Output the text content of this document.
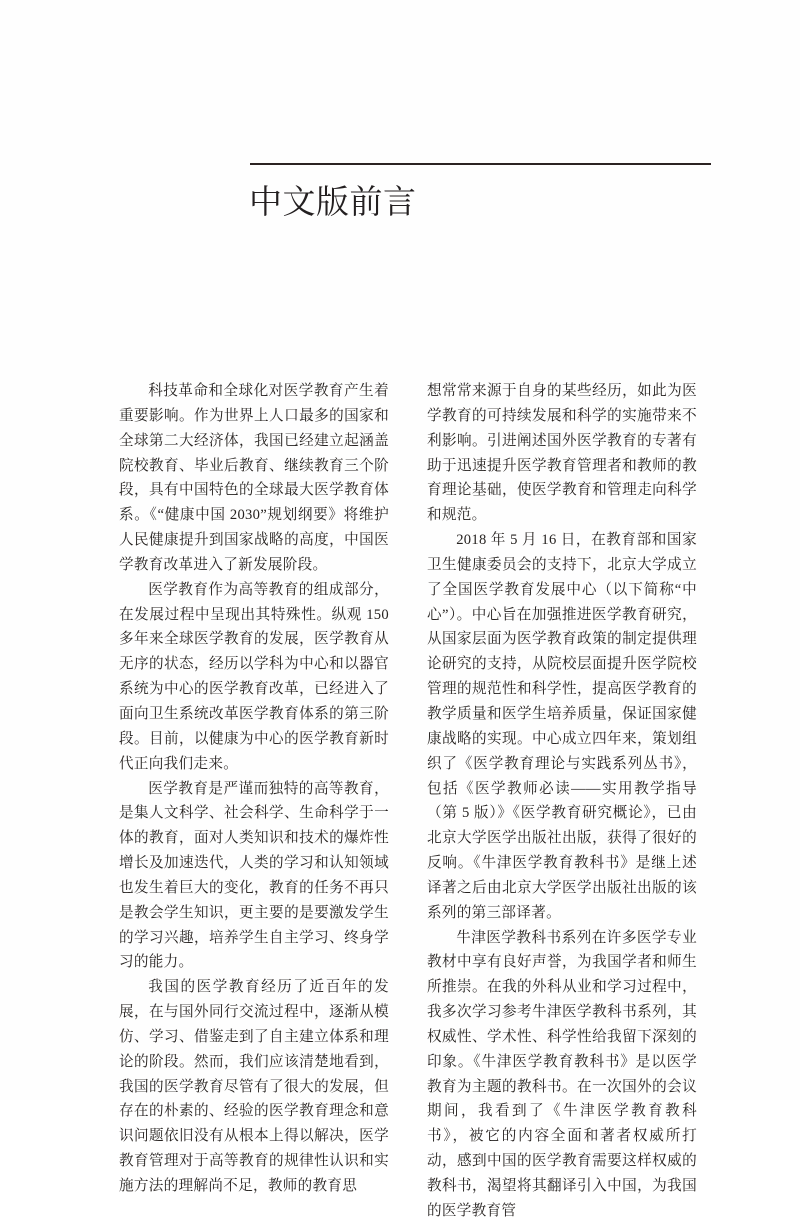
中文版前言

科技革命和全球化对医学教育产生着重要影响。作为世界上人口最多的国家和全球第二大经济体，我国已经建立起涵盖院校教育、毕业后教育、继续教育三个阶段，具有中国特色的全球最大医学教育体系。《“健康中国 2030”规划纲要》将维护人民健康提升到国家战略的高度，中国医学教育改革进入了新发展阶段。

医学教育作为高等教育的组成部分，在发展过程中呈现出其特殊性。纵观 150 多年来全球医学教育的发展，医学教育从无序的状态，经历以学科为中心和以器官系统为中心的医学教育改革，已经进入了面向卫生系统改革医学教育体系的第三阶段。目前，以健康为中心的医学教育新时代正向我们走来。

医学教育是严谨而独特的高等教育，是集人文科学、社会科学、生命科学于一体的教育，面对人类知识和技术的爆炸性增长及加速迭代，人类的学习和认知领域也发生着巨大的变化，教育的任务不再只是教会学生知识，更主要的是要激发学生的学习兴趣，培养学生自主学习、终身学习的能力。

我国的医学教育经历了近百年的发展，在与国外同行交流过程中，逐渐从模仿、学习、借鉴走到了自主建立体系和理论的阶段。然而，我们应该清楚地看到，我国的医学教育尽管有了很大的发展，但存在的朴素的、经验的医学教育理念和意识问题依旧没有从根本上得以解决，医学教育管理对于高等教育的规律性认识和实施方法的理解尚不足，教师的教育思

想常常来源于自身的某些经历，如此为医学教育的可持续发展和科学的实施带来不利影响。引进阐述国外医学教育的专著有助于迅速提升医学教育管理者和教师的教育理论基础，使医学教育和管理走向科学和规范。

2018 年 5 月 16 日，在教育部和国家卫生健康委员会的支持下，北京大学成立了全国医学教育发展中心（以下简称“中心”）。中心旨在加强推进医学教育研究，从国家层面为医学教育政策的制定提供理论研究的支持，从院校层面提升医学院校管理的规范性和科学性，提高医学教育的教学质量和医学生培养质量，保证国家健康战略的实现。中心成立四年来，策划组织了《医学教育理论与实践系列丛书》，包括《医学教师必读——实用教学指导（第 5 版）》《医学教育研究概论》，已由北京大学医学出版社出版，获得了很好的反响。《牛津医学教育教科书》是继上述译著之后由北京大学医学出版社出版的该系列的第三部译著。

牛津医学教科书系列在许多医学专业教材中享有良好声誉，为我国学者和师生所推崇。在我的外科从业和学习过程中，我多次学习参考牛津医学教科书系列，其权威性、学术性、科学性给我留下深刻的印象。《牛津医学教育教科书》是以医学教育为主题的教科书。在一次国外的会议期间，我看到了《牛津医学教育教科书》，被它的内容全面和著者权威所打动，感到中国的医学教育需要这样权威的教科书，渴望将其翻译引入中国，为我国的医学教育管
